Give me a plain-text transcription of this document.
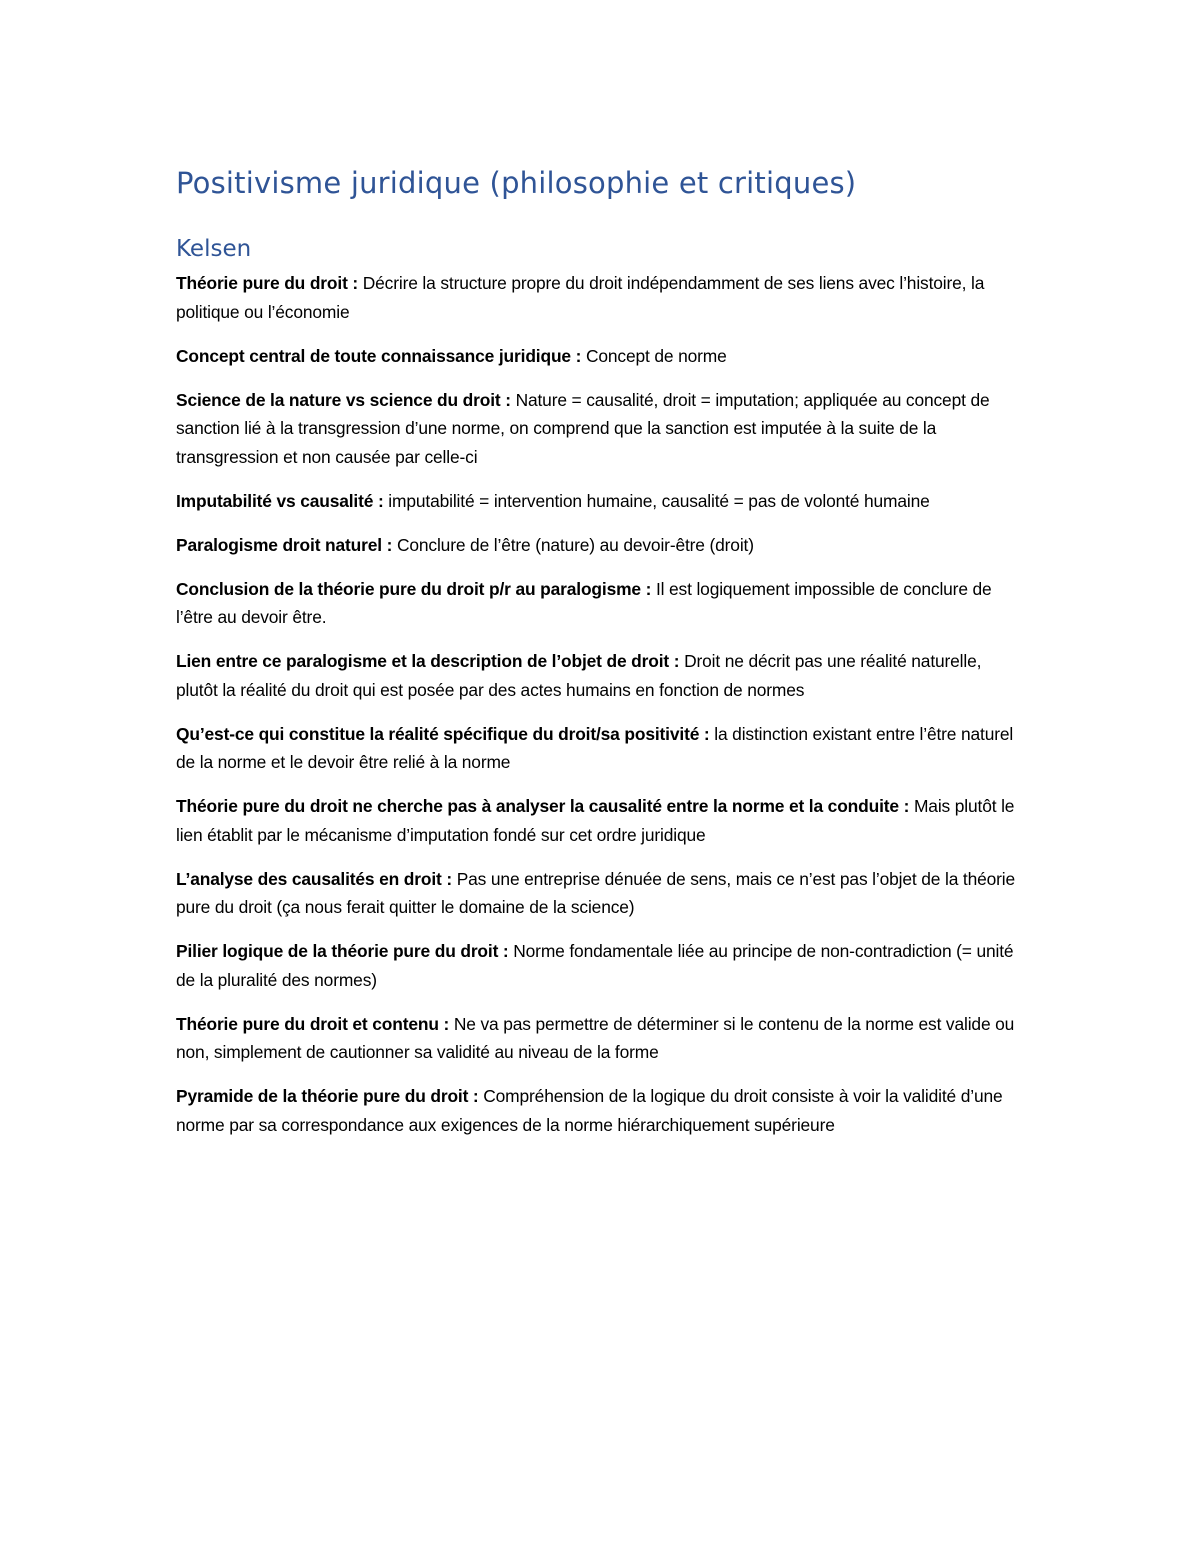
Positivisme juridique (philosophie et critiques)
Kelsen
Théorie pure du droit : Décrire la structure propre du droit indépendamment de ses liens avec l’histoire, la politique ou l’économie
Concept central de toute connaissance juridique : Concept de norme
Science de la nature vs science du droit : Nature = causalité, droit = imputation; appliquée au concept de sanction lié à la transgression d’une norme, on comprend que la sanction est imputée à la suite de la transgression et non causée par celle-ci
Imputabilité vs causalité : imputabilité = intervention humaine, causalité = pas de volonté humaine
Paralogisme droit naturel : Conclure de l’être (nature) au devoir-être (droit)
Conclusion de la théorie pure du droit p/r au paralogisme : Il est logiquement impossible de conclure de l’être au devoir être.
Lien entre ce paralogisme et la description de l’objet de droit : Droit ne décrit pas une réalité naturelle, plutôt la réalité du droit qui est posée par des actes humains en fonction de normes
Qu’est-ce qui constitue la réalité spécifique du droit/sa positivité : la distinction existant entre l’être naturel de la norme et le devoir être relié à la norme
Théorie pure du droit ne cherche pas à analyser la causalité entre la norme et la conduite : Mais plutôt le lien établit par le mécanisme d’imputation fondé sur cet ordre juridique
L’analyse des causalités en droit : Pas une entreprise dénuée de sens, mais ce n’est pas l’objet de la théorie pure du droit (ça nous ferait quitter le domaine de la science)
Pilier logique de la théorie pure du droit : Norme fondamentale liée au principe de non-contradiction (= unité de la pluralité des normes)
Théorie pure du droit et contenu : Ne va pas permettre de déterminer si le contenu de la norme est valide ou non, simplement de cautionner sa validité au niveau de la forme
Pyramide de la théorie pure du droit : Compréhension de la logique du droit consiste à voir la validité d’une norme par sa correspondance aux exigences de la norme hiérarchiquement supérieure
